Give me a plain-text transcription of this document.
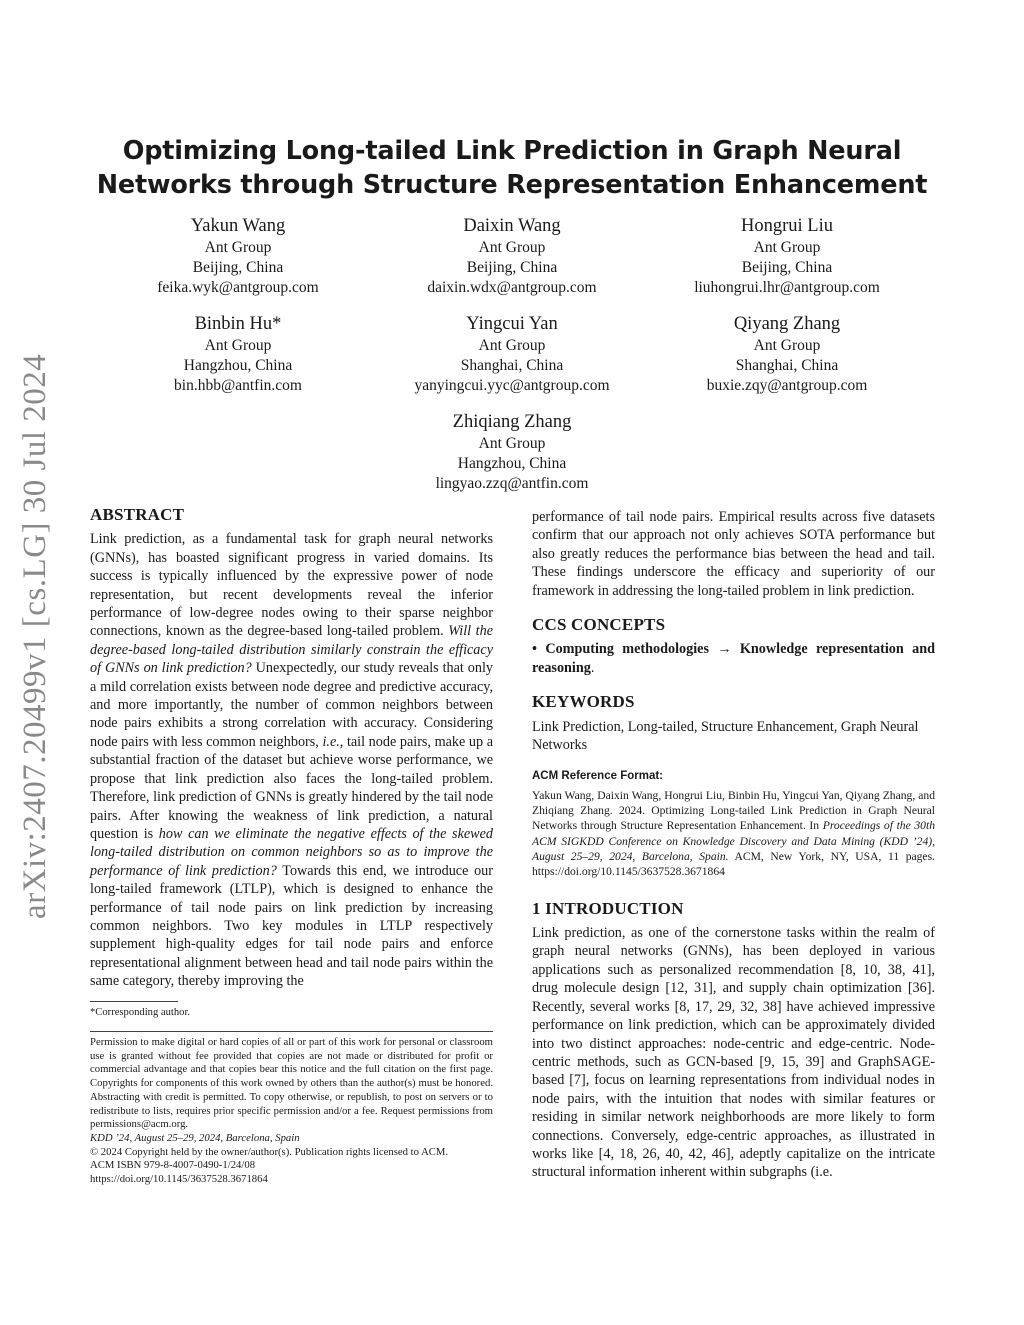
arXiv:2407.20499v1 [cs.LG] 30 Jul 2024
Optimizing Long-tailed Link Prediction in Graph Neural Networks through Structure Representation Enhancement
Yakun Wang
Ant Group
Beijing, China
feika.wyk@antgroup.com
Daixin Wang
Ant Group
Beijing, China
daixin.wdx@antgroup.com
Hongrui Liu
Ant Group
Beijing, China
liuhongrui.lhr@antgroup.com
Binbin Hu*
Ant Group
Hangzhou, China
bin.hbb@antfin.com
Yingcui Yan
Ant Group
Shanghai, China
yanyingcui.yyc@antgroup.com
Qiyang Zhang
Ant Group
Shanghai, China
buxie.zqy@antgroup.com
Zhiqiang Zhang
Ant Group
Hangzhou, China
lingyao.zzq@antfin.com
ABSTRACT

Link prediction, as a fundamental task for graph neural networks (GNNs), has boasted significant progress in varied domains. Its success is typically influenced by the expressive power of node representation, but recent developments reveal the inferior performance of low-degree nodes owing to their sparse neighbor connections, known as the degree-based long-tailed problem. Will the degree-based long-tailed distribution similarly constrain the efficacy of GNNs on link prediction? Unexpectedly, our study reveals that only a mild correlation exists between node degree and predictive accuracy, and more importantly, the number of common neighbors between node pairs exhibits a strong correlation with accuracy. Considering node pairs with less common neighbors, i.e., tail node pairs, make up a substantial fraction of the dataset but achieve worse performance, we propose that link prediction also faces the long-tailed problem. Therefore, link prediction of GNNs is greatly hindered by the tail node pairs. After knowing the weakness of link prediction, a natural question is how can we eliminate the negative effects of the skewed long-tailed distribution on common neighbors so as to improve the performance of link prediction? Towards this end, we introduce our long-tailed framework (LTLP), which is designed to enhance the performance of tail node pairs on link prediction by increasing common neighbors. Two key modules in LTLP respectively supplement high-quality edges for tail node pairs and enforce representational alignment between head and tail node pairs within the same category, thereby improving the

performance of tail node pairs. Empirical results across five datasets confirm that our approach not only achieves SOTA performance but also greatly reduces the performance bias between the head and tail. These findings underscore the efficacy and superiority of our framework in addressing the long-tailed problem in link prediction.

CCS CONCEPTS

• Computing methodologies → Knowledge representation and reasoning.

KEYWORDS

Link Prediction, Long-tailed, Structure Enhancement, Graph Neural Networks

ACM Reference Format:

Yakun Wang, Daixin Wang, Hongrui Liu, Binbin Hu, Yingcui Yan, Qiyang Zhang, and Zhiqiang Zhang. 2024. Optimizing Long-tailed Link Prediction in Graph Neural Networks through Structure Representation Enhancement. In Proceedings of the 30th ACM SIGKDD Conference on Knowledge Discovery and Data Mining (KDD ’24), August 25–29, 2024, Barcelona, Spain. ACM, New York, NY, USA, 11 pages. https://doi.org/10.1145/3637528.3671864

1 INTRODUCTION

Link prediction, as one of the cornerstone tasks within the realm of graph neural networks (GNNs), has been deployed in various applications such as personalized recommendation [8, 10, 38, 41], drug molecule design [12, 31], and supply chain optimization [36]. Recently, several works [8, 17, 29, 32, 38] have achieved impressive performance on link prediction, which can be approximately divided into two distinct approaches: node-centric and edge-centric. Node-centric methods, such as GCN-based [9, 15, 39] and GraphSAGE-based [7], focus on learning representations from individual nodes in node pairs, with the intuition that nodes with similar features or residing in similar network neighborhoods are more likely to form connections. Conversely, edge-centric approaches, as illustrated in works like [4, 18, 26, 40, 42, 46], adeptly capitalize on the intricate structural information inherent within subgraphs (i.e.

*Corresponding author.
Permission to make digital or hard copies of all or part of this work for personal or classroom use is granted without fee provided that copies are not made or distributed for profit or commercial advantage and that copies bear this notice and the full citation on the first page. Copyrights for components of this work owned by others than the author(s) must be honored. Abstracting with credit is permitted. To copy otherwise, or republish, to post on servers or to redistribute to lists, requires prior specific permission and/or a fee. Request permissions from permissions@acm.org.
KDD ’24, August 25–29, 2024, Barcelona, Spain
© 2024 Copyright held by the owner/author(s). Publication rights licensed to ACM.
ACM ISBN 979-8-4007-0490-1/24/08
https://doi.org/10.1145/3637528.3671864
